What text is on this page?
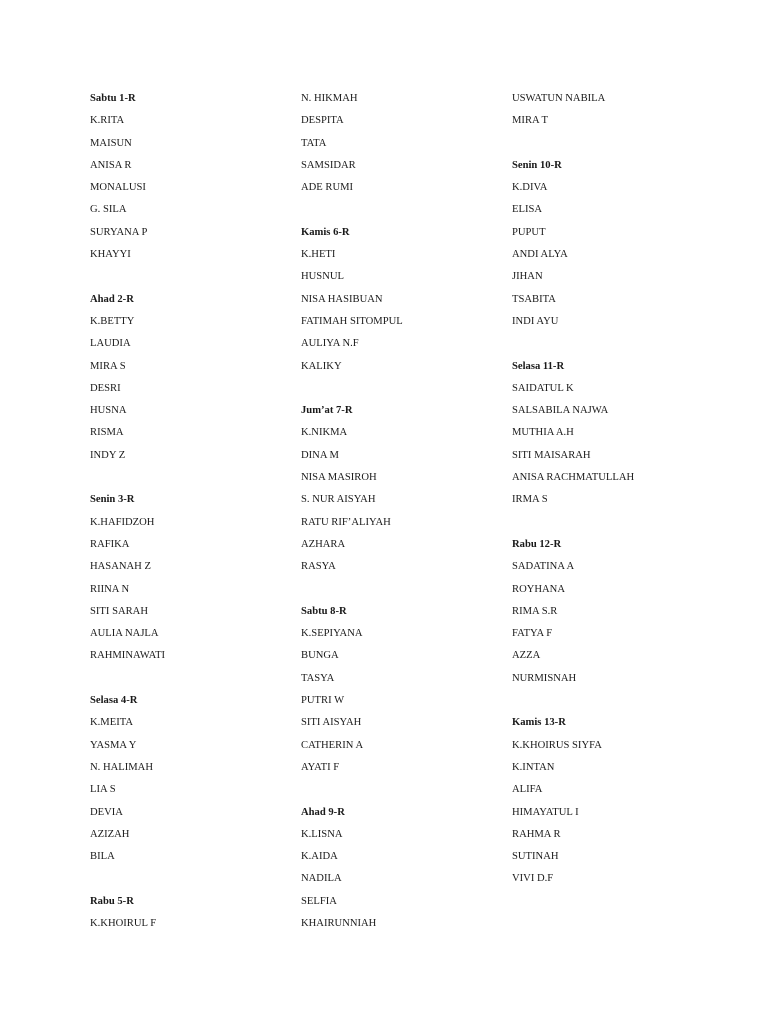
Sabtu 1-R
K.RITA
MAISUN
ANISA R
MONALUSI
G. SILA
SURYANA P
KHAYYI
Ahad 2-R
K.BETTY
LAUDIA
MIRA S
DESRI
HUSNA
RISMA
INDY Z
Senin 3-R
K.HAFIDZOH
RAFIKA
HASANAH Z
RIINA N
SITI SARAH
AULIA NAJLA
RAHMINAWATI
Selasa 4-R
K.MEITA
YASMA Y
N. HALIMAH
LIA S
DEVIA
AZIZAH
BILA
Rabu 5-R
K.KHOIRUL F
N. HIKMAH
DESPITA
TATA
SAMSIDAR
ADE RUMI
Kamis 6-R
K.HETI
HUSNUL
NISA HASIBUAN
FATIMAH SITOMPUL
AULIYA N.F
KALIKY
Jum’at 7-R
K.NIKMA
DINA M
NISA MASIROH
S. NUR AISYAH
RATU RIF’ALIYAH
AZHARA
RASYA
Sabtu 8-R
K.SEPIYANA
BUNGA
TASYA
PUTRI W
SITI AISYAH
CATHERIN A
AYATI F
Ahad 9-R
K.LISNA
K.AIDA
NADILA
SELFIA
KHAIRUNNIAH
USWATUN NABILA
MIRA T
Senin 10-R
K.DIVA
ELISA
PUPUT
ANDI ALYA
JIHAN
TSABITA
INDI AYU
Selasa 11-R
SAIDATUL K
SALSABILA NAJWA
MUTHIA A.H
SITI MAISARAH
ANISA RACHMATULLAH
IRMA S
Rabu 12-R
SADATINA A
ROYHANA
RIMA S.R
FATYA F
AZZA
NURMISNAH
Kamis 13-R
K.KHOIRUS SIYFA
K.INTAN
ALIFA
HIMAYATUL I
RAHMA R
SUTINAH
VIVI D.F
